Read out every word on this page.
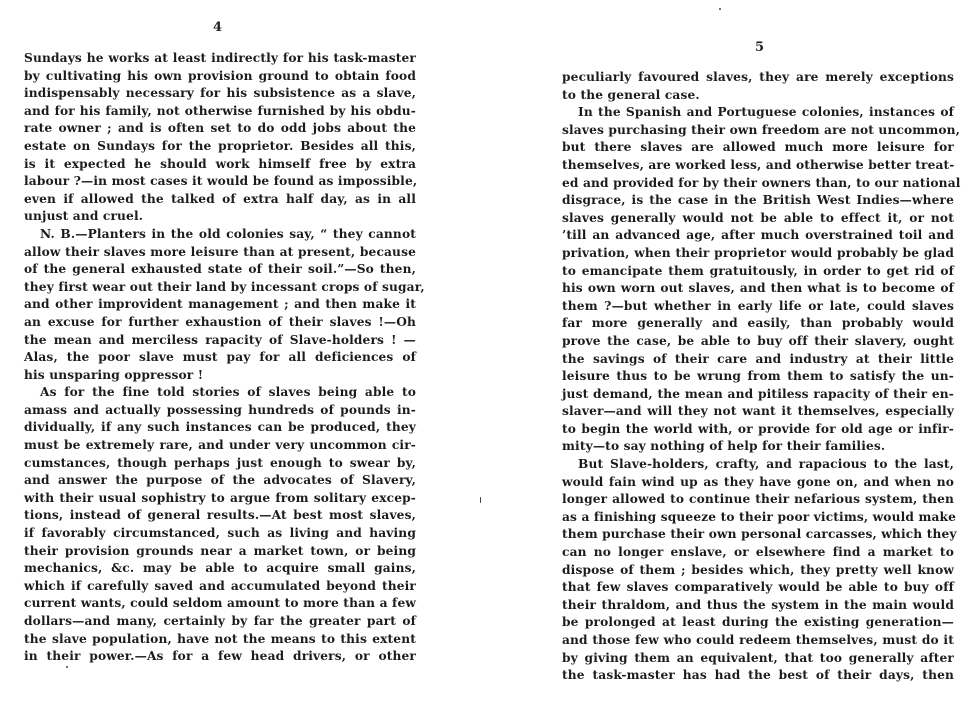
4
5
Sundays he works at least indirectly for his task-master
by cultivating his own provision ground to obtain food
indispensably necessary for his subsistence as a slave,
and for his family, not otherwise furnished by his obdu-
rate owner ; and is often set to do odd jobs about the
estate on Sundays for the proprietor. Besides all this,
is it expected he should work himself free by extra
labour ?—in most cases it would be found as impossible,
even if allowed the talked of extra half day, as in all
unjust and cruel.
N. B.—Planters in the old colonies say, “ they cannot
allow their slaves more leisure than at present, because
of the general exhausted state of their soil.”—So then,
they first wear out their land by incessant crops of sugar,
and other improvident management ; and then make it
an excuse for further exhaustion of their slaves !—Oh
the mean and merciless rapacity of Slave-holders ! —
Alas, the poor slave must pay for all deficiences of
his unsparing oppressor !
As for the fine told stories of slaves being able to
amass and actually possessing hundreds of pounds in-
dividually, if any such instances can be produced, they
must be extremely rare, and under very uncommon cir-
cumstances, though perhaps just enough to swear by,
and answer the purpose of the advocates of Slavery,
with their usual sophistry to argue from solitary excep-
tions, instead of general results.—At best most slaves,
if favorably circumstanced, such as living and having
their provision grounds near a market town, or being
mechanics, &c. may be able to acquire small gains,
which if carefully saved and accumulated beyond their
current wants, could seldom amount to more than a few
dollars—and many, certainly by far the greater part of
the slave population, have not the means to this extent
in their power.—As for a few head drivers, or other
peculiarly favoured slaves, they are merely exceptions
to the general case.
In the Spanish and Portuguese colonies, instances of
slaves purchasing their own freedom are not uncommon,
but there slaves are allowed much more leisure for
themselves, are worked less, and otherwise better treat-
ed and provided for by their owners than, to our national
disgrace, is the case in the British West Indies—where
slaves generally would not be able to effect it, or not
’till an advanced age, after much overstrained toil and
privation, when their proprietor would probably be glad
to emancipate them gratuitously, in order to get rid of
his own worn out slaves, and then what is to become of
them ?—but whether in early life or late, could slaves
far more generally and easily, than probably would
prove the case, be able to buy off their slavery, ought
the savings of their care and industry at their little
leisure thus to be wrung from them to satisfy the un-
just demand, the mean and pitiless rapacity of their en-
slaver—and will they not want it themselves, especially
to begin the world with, or provide for old age or infir-
mity—to say nothing of help for their families.
But Slave-holders, crafty, and rapacious to the last,
would fain wind up as they have gone on, and when no
longer allowed to continue their nefarious system, then
as a finishing squeeze to their poor victims, would make
them purchase their own personal carcasses, which they
can no longer enslave, or elsewhere find a market to
dispose of them ; besides which, they pretty well know
that few slaves comparatively would be able to buy off
their thraldom, and thus the system in the main would
be prolonged at least during the existing generation—
and those few who could redeem themselves, must do it
by giving them an equivalent, that too generally after
the task-master has had the best of their days, then
